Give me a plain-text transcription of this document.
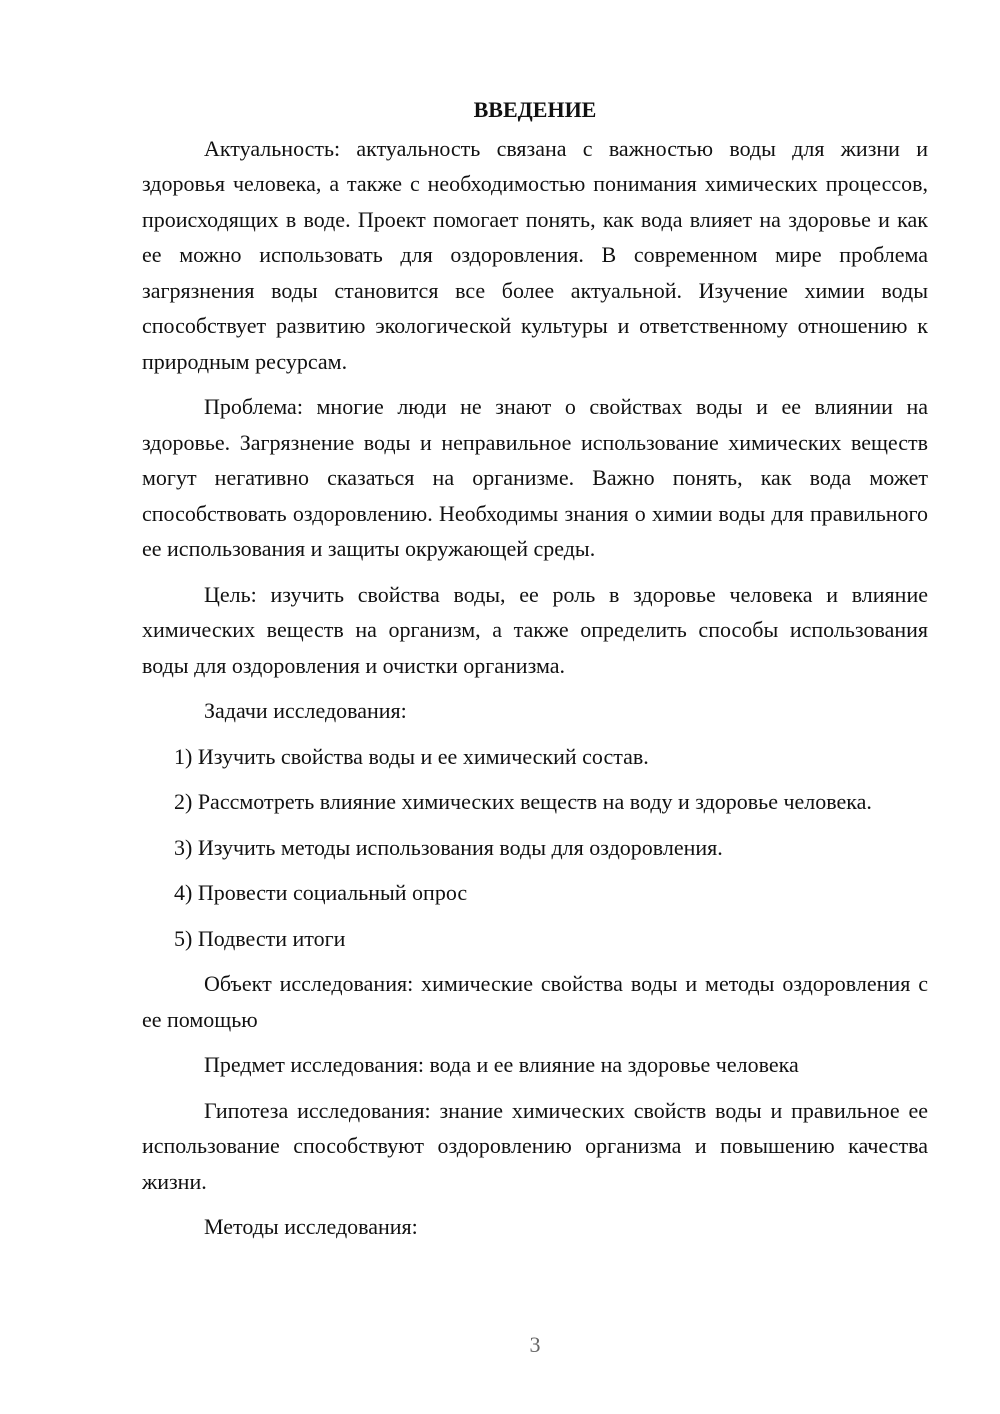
ВВЕДЕНИЕ

Актуальность: актуальность связана с важностью воды для жизни и здоровья человека, а также с необходимостью понимания химических процессов, происходящих в воде. Проект помогает понять, как вода влияет на здоровье и как ее можно использовать для оздоровления. В современном мире проблема загрязнения воды становится все более актуальной. Изучение химии воды способствует развитию экологической культуры и ответственному отношению к природным ресурсам.

Проблема: многие люди не знают о свойствах воды и ее влиянии на здоровье. Загрязнение воды и неправильное использование химических веществ могут негативно сказаться на организме. Важно понять, как вода может способствовать оздоровлению. Необходимы знания о химии воды для правильного ее использования и защиты окружающей среды.

Цель: изучить свойства воды, ее роль в здоровье человека и влияние химических веществ на организм, а также определить способы использования воды для оздоровления и очистки организма.

Задачи исследования:

1) Изучить свойства воды и ее химический состав.

2) Рассмотреть влияние химических веществ на воду и здоровье человека.

3) Изучить методы использования воды для оздоровления.

4) Провести социальный опрос

5) Подвести итоги

Объект исследования: химические свойства воды и методы оздоровления с ее помощью

Предмет исследования: вода и ее влияние на здоровье человека

Гипотеза исследования: знание химических свойств воды и правильное ее использование способствуют оздоровлению организма и повышению качества жизни.

Методы исследования:

3
